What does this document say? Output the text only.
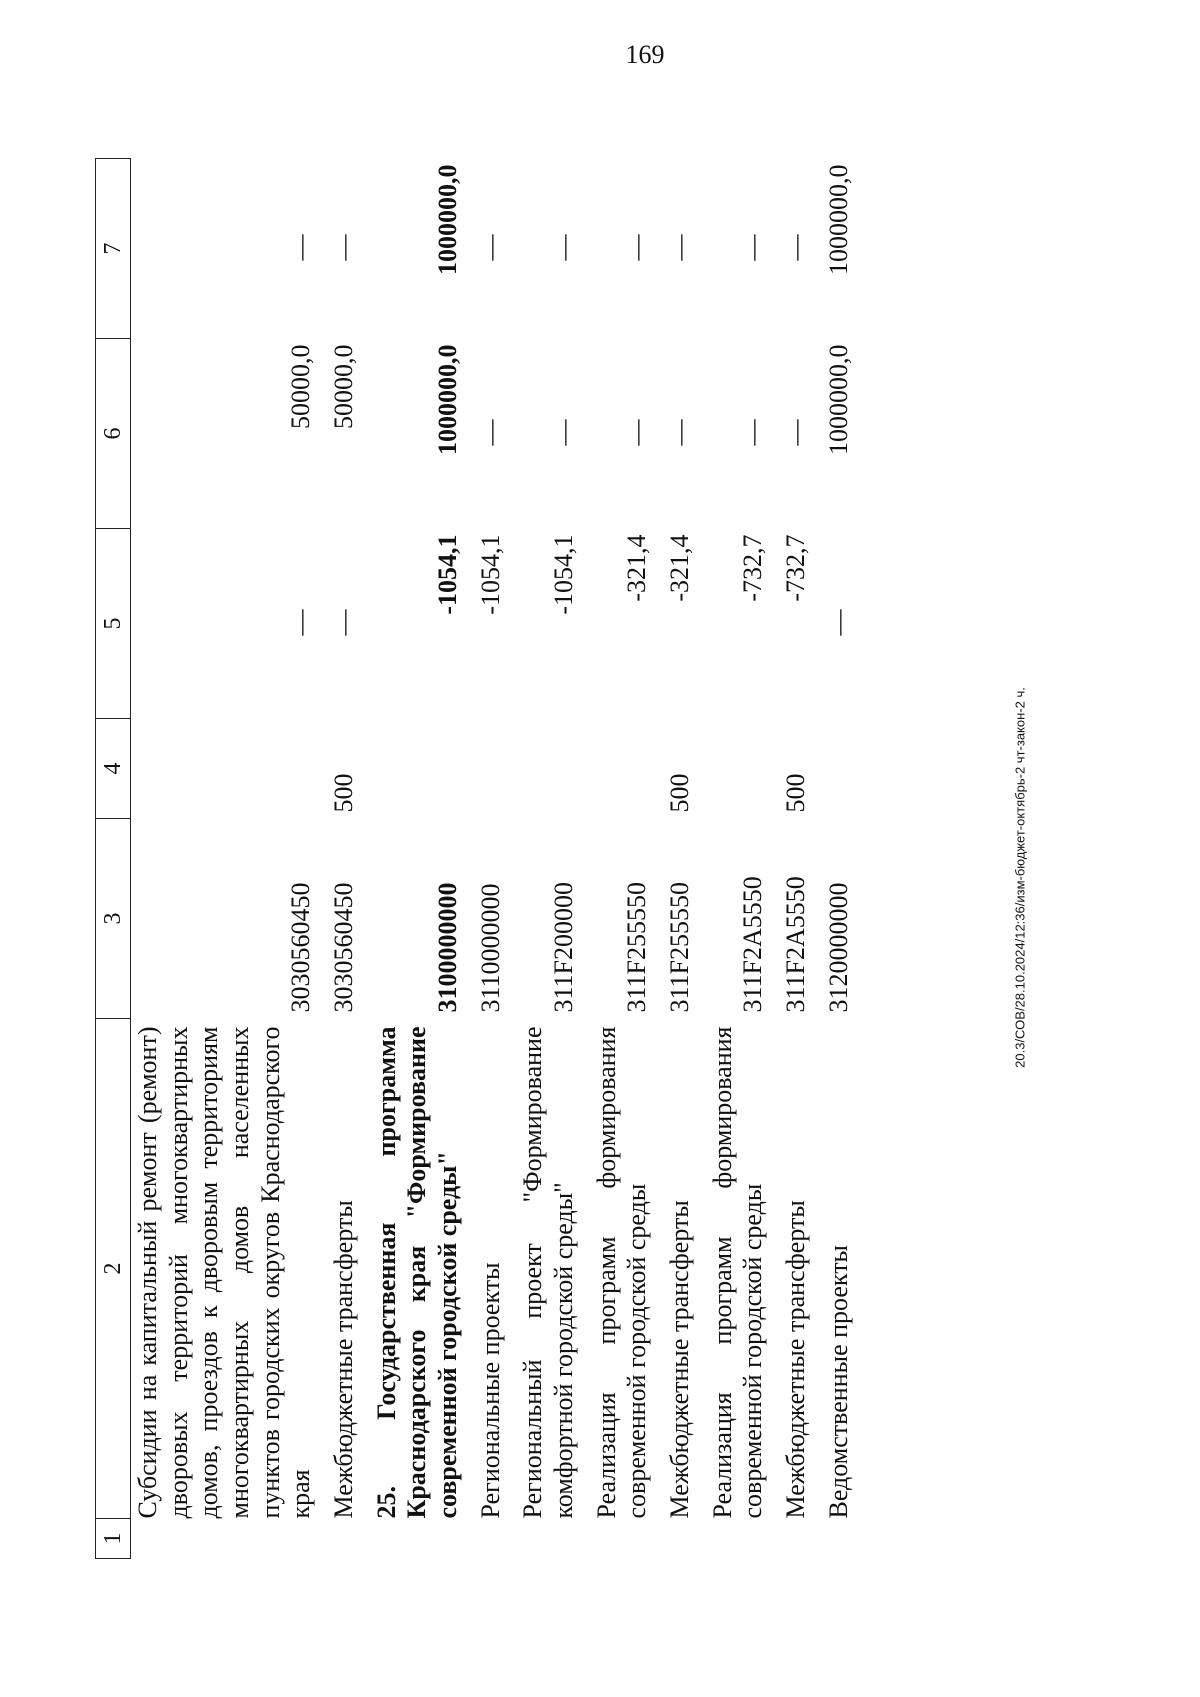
169
1	2	3	4	5	6	7
	Субсидии на капитальный ремонт (ремонт) дворовых территорий многоквартирных домов, проездов к дворовым территориям многоквартирных домов населенных пунктов городских округов Краснодарского края	3030560450		—	50000,0	—
	Межбюджетные трансферты	3030560450	500	—	50000,0	—
	25. Государственная программа Краснодарского края "Формирование современной городской среды"	3100000000		-1054,1	1000000,0	1000000,0
	Региональные проекты	3110000000		-1054,1	—	—
	Региональный проект "Формирование комфортной городской среды"	311F200000		-1054,1	—	—
	Реализация программ формирования современной городской среды	311F255550		-321,4	—	—
	Межбюджетные трансферты	311F255550	500	-321,4	—	—
	Реализация программ формирования современной городской среды	311F2A5550		-732,7	—	—
	Межбюджетные трансферты	311F2A5550	500	-732,7	—	—
	Ведомственные проекты	3120000000		—	1000000,0	1000000,0
20.3/СОВ/28.10.2024/12:36/изм-бюджет-октябрь-2 чт-закон-2 ч.
